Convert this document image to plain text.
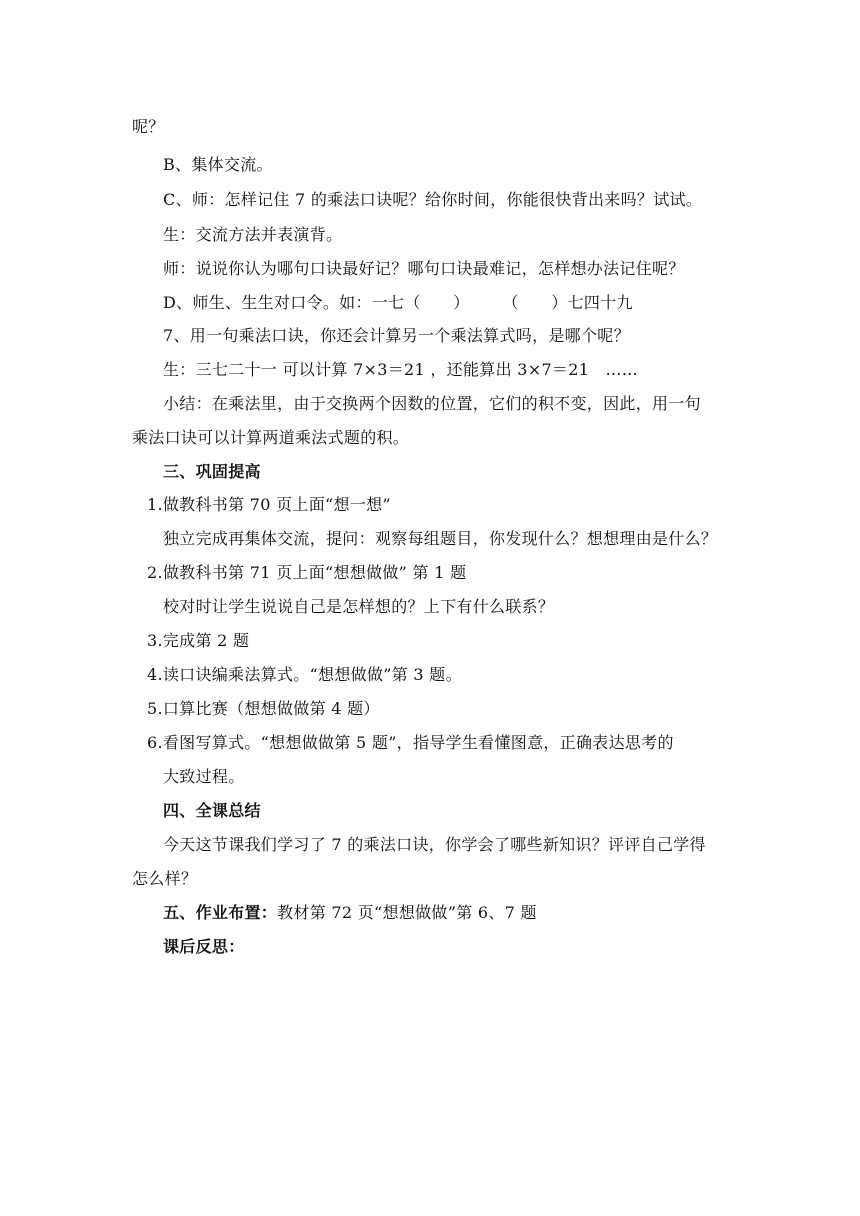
呢？
B、集体交流。
C、师：怎样记住 7 的乘法口诀呢？给你时间，你能很快背出来吗？试试。
生：交流方法并表演背。
师：说说你认为哪句口诀最好记？哪句口诀最难记，怎样想办法记住呢？
D、师生、生生对口令。如：一七（　　）　　　（　　）七四十九
7、用一句乘法口诀，你还会计算另一个乘法算式吗，是哪个呢？
生：三七二十一 可以计算 7×3＝21 ，还能算出 3×7＝21　……
小结：在乘法里，由于交换两个因数的位置，它们的积不变，因此，用一句
乘法口诀可以计算两道乘法式题的积。
三、巩固提高
1.做教科书第 70 页上面“想一想”
独立完成再集体交流，提问：观察每组题目，你发现什么？想想理由是什么？
2.做教科书第 71 页上面“想想做做” 第 1 题
校对时让学生说说自己是怎样想的？上下有什么联系？
3.完成第 2 题
4.读口诀编乘法算式。“想想做做”第 3 题。
5.口算比赛（想想做做第 4 题）
6.看图写算式。“想想做做第 5 题”，指导学生看懂图意，正确表达思考的
大致过程。
四、全课总结
今天这节课我们学习了 7 的乘法口诀，你学会了哪些新知识？评评自己学得
怎么样？
五、作业布置：教材第 72 页“想想做做”第 6、7 题
课后反思：
